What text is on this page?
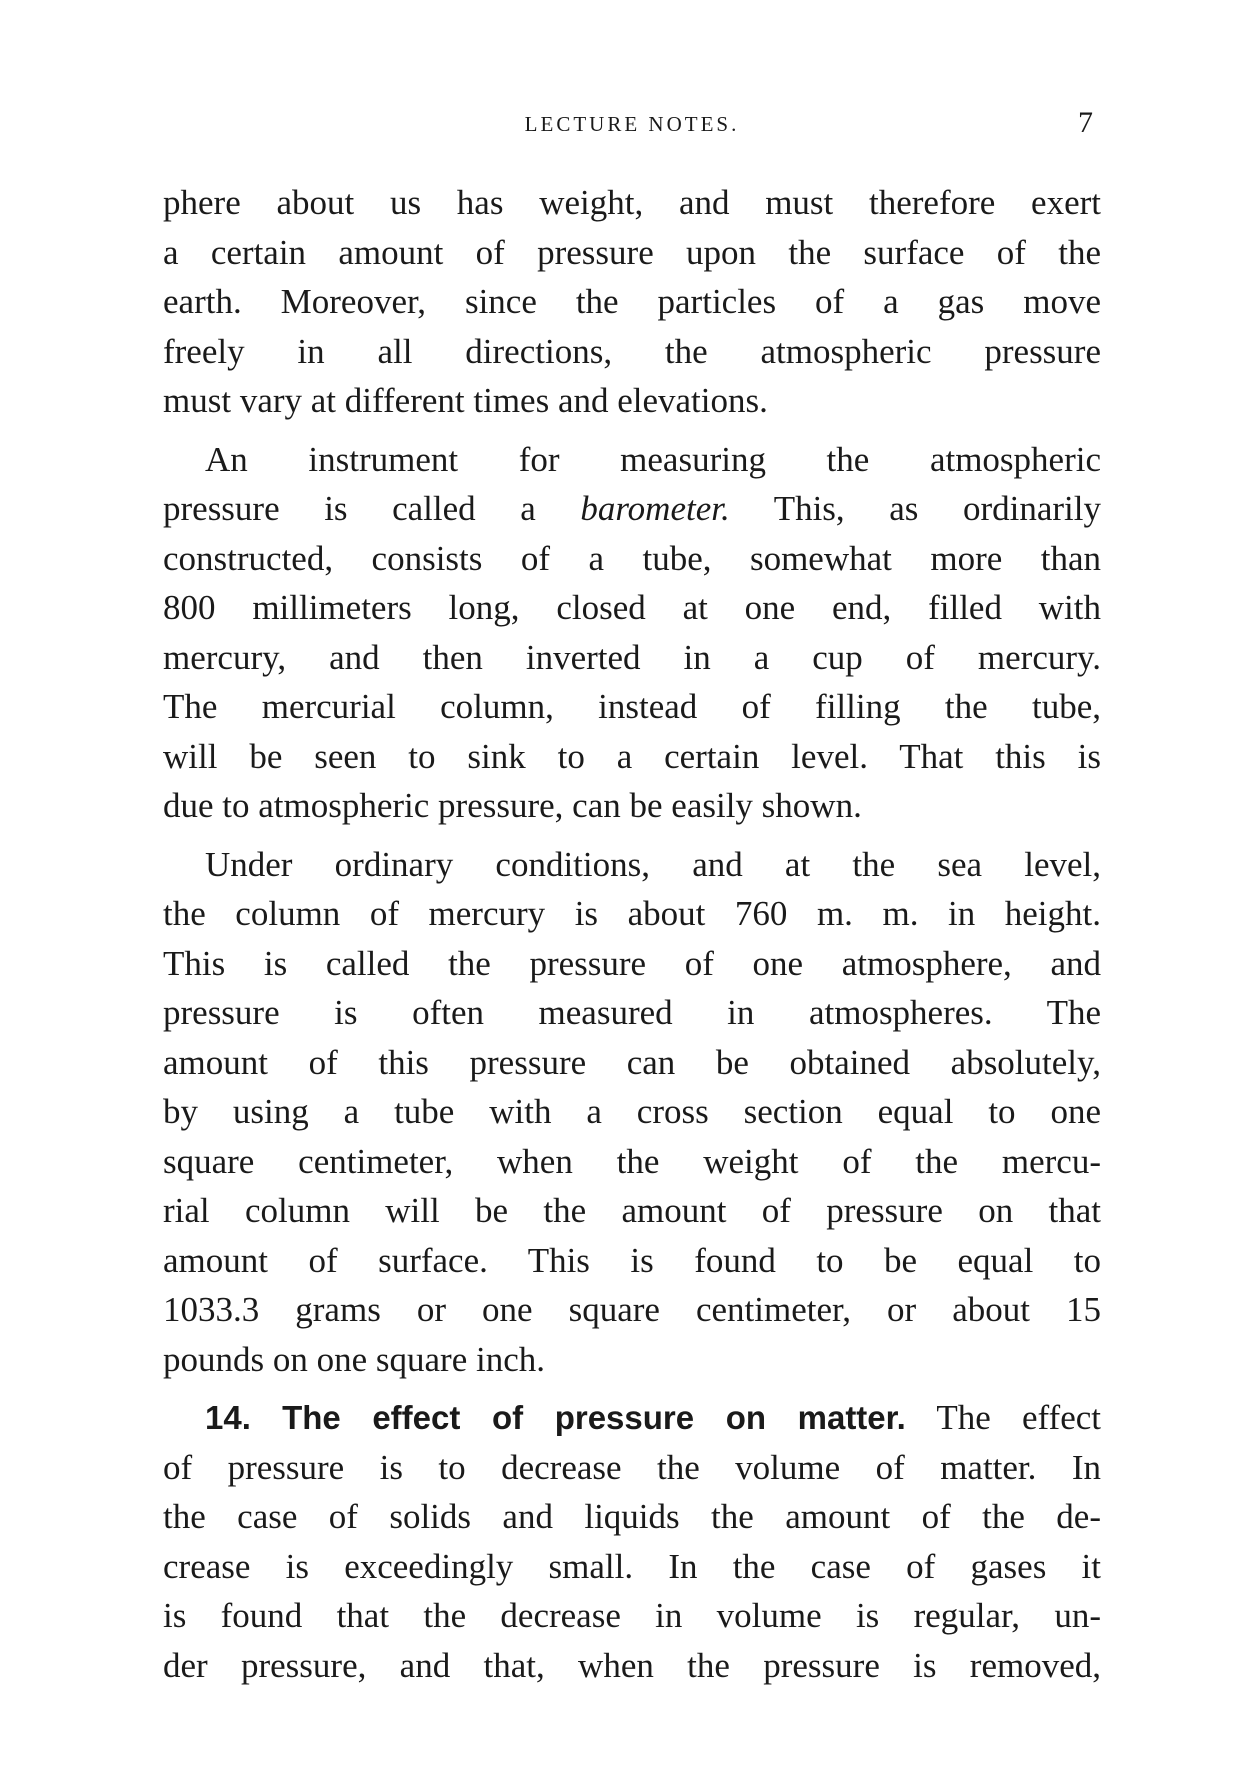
LECTURE NOTES.	7
phere about us has weight, and must therefore exert
a certain amount of pressure upon the surface of the
earth. Moreover, since the particles of a gas move
freely in all directions, the atmospheric pressure
must vary at different times and elevations.
An instrument for measuring the atmospheric
pressure is called a barometer. This, as ordinarily
constructed, consists of a tube, somewhat more than
800 millimeters long, closed at one end, filled with
mercury, and then inverted in a cup of mercury.
The mercurial column, instead of filling the tube,
will be seen to sink to a certain level. That this is
due to atmospheric pressure, can be easily shown.
Under ordinary conditions, and at the sea level,
the column of mercury is about 760 m. m. in height.
This is called the pressure of one atmosphere, and
pressure is often measured in atmospheres. The
amount of this pressure can be obtained absolutely,
by using a tube with a cross section equal to one
square centimeter, when the weight of the mercu-
rial column will be the amount of pressure on that
amount of surface. This is found to be equal to
1033.3 grams or one square centimeter, or about 15
pounds on one square inch.
14. The effect of pressure on matter. The effect
of pressure is to decrease the volume of matter. In
the case of solids and liquids the amount of the de-
crease is exceedingly small. In the case of gases it
is found that the decrease in volume is regular, un-
der pressure, and that, when the pressure is removed,
